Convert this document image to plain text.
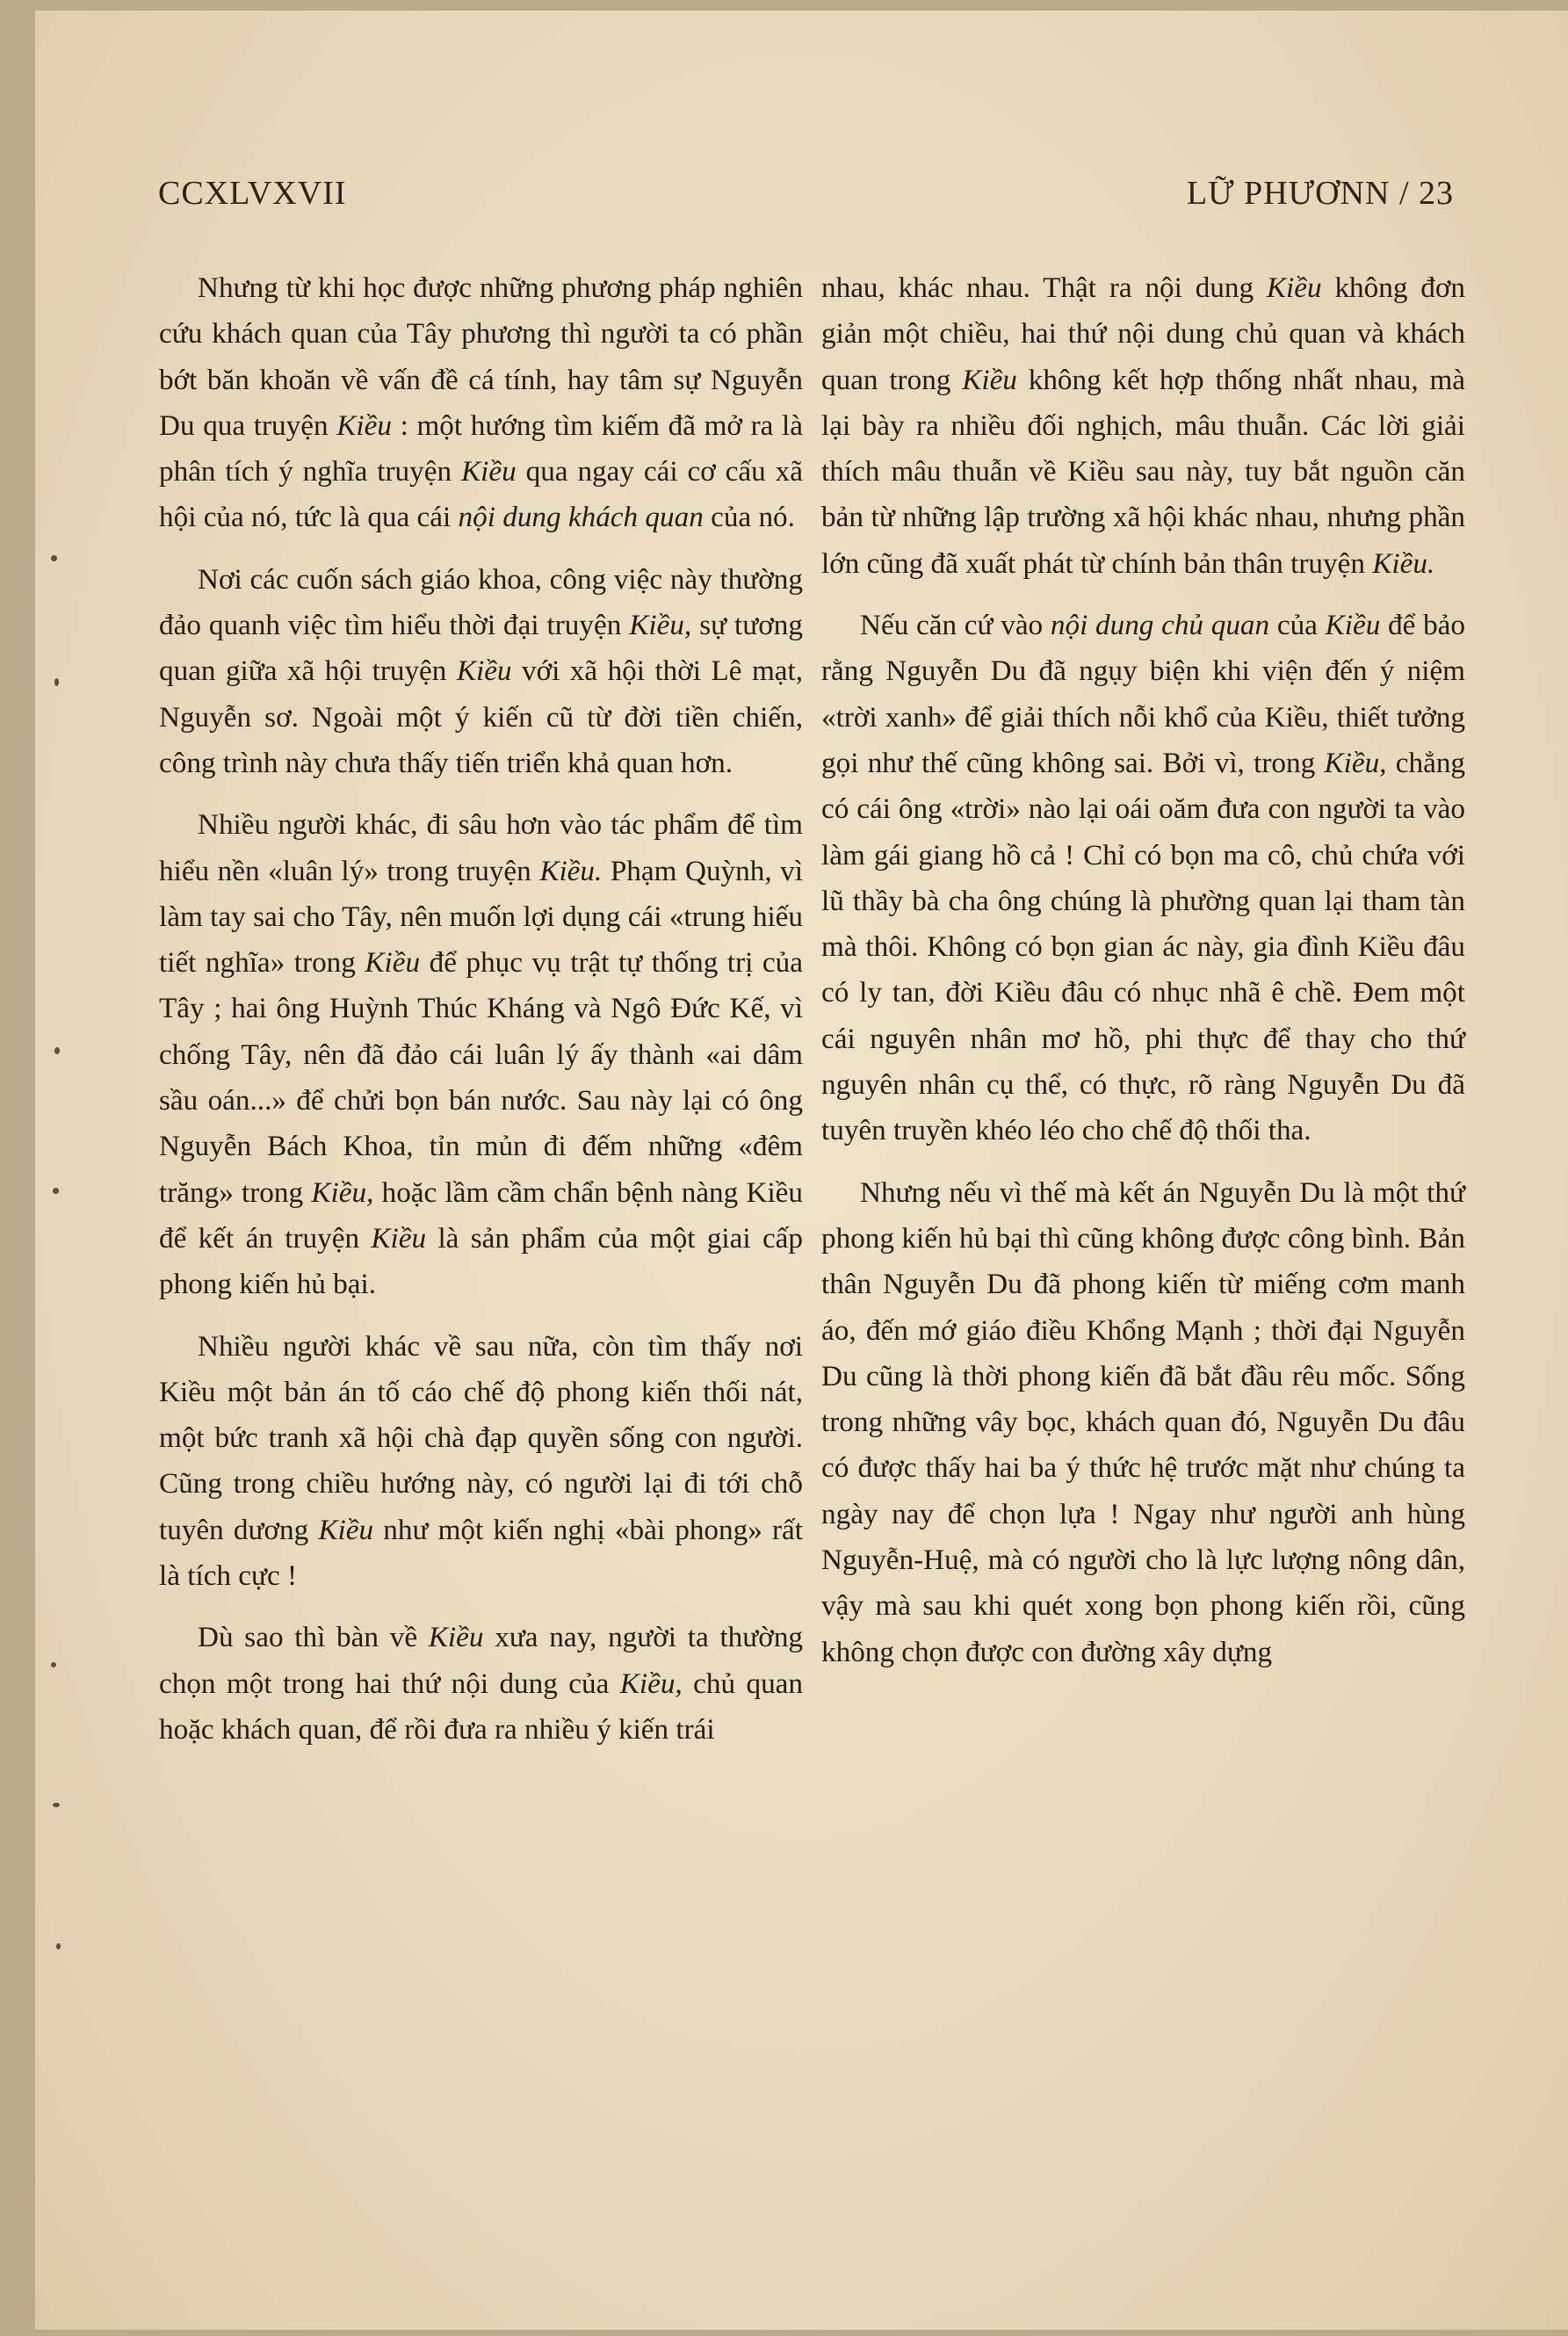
CCXLVXVII	LỮ PHƯƠNN / 23

Nhưng từ khi học được những phương pháp nghiên cứu khách quan của Tây phương thì người ta có phần bớt băn khoăn về vấn đề cá tính, hay tâm sự Nguyễn Du qua truyện Kiều : một hướng tìm kiếm đã mở ra là phân tích ý nghĩa truyện Kiều qua ngay cái cơ cấu xã hội của nó, tức là qua cái nội dung khách quan của nó.

Nơi các cuốn sách giáo khoa, công việc này thường đảo quanh việc tìm hiểu thời đại truyện Kiều, sự tương quan giữa xã hội truyện Kiều với xã hội thời Lê mạt, Nguyễn sơ. Ngoài một ý kiến cũ từ đời tiền chiến, công trình này chưa thấy tiến triển khả quan hơn.

Nhiều người khác, đi sâu hơn vào tác phẩm để tìm hiểu nền «luân lý» trong truyện Kiều. Phạm Quỳnh, vì làm tay sai cho Tây, nên muốn lợi dụng cái «trung hiếu tiết nghĩa» trong Kiều để phục vụ trật tự thống trị của Tây ; hai ông Huỳnh Thúc Kháng và Ngô Đức Kế, vì chống Tây, nên đã đảo cái luân lý ấy thành «ai dâm sầu oán...» để chửi bọn bán nước. Sau này lại có ông Nguyễn Bách Khoa, tỉn mủn đi đếm những «đêm trăng» trong Kiều, hoặc lầm cầm chẩn bệnh nàng Kiều để kết án truyện Kiều là sản phẩm của một giai cấp phong kiến hủ bại.

Nhiều người khác về sau nữa, còn tìm thấy nơi Kiều một bản án tố cáo chế độ phong kiến thối nát, một bức tranh xã hội chà đạp quyền sống con người. Cũng trong chiều hướng này, có người lại đi tới chỗ tuyên dương Kiều như một kiến nghị «bài phong» rất là tích cực !

Dù sao thì bàn về Kiều xưa nay, người ta thường chọn một trong hai thứ nội dung của Kiều, chủ quan hoặc khách quan, để rồi đưa ra nhiều ý kiến trái

nhau, khác nhau. Thật ra nội dung Kiều không đơn giản một chiều, hai thứ nội dung chủ quan và khách quan trong Kiều không kết hợp thống nhất nhau, mà lại bày ra nhiều đối nghịch, mâu thuẫn. Các lời giải thích mâu thuẫn về Kiều sau này, tuy bắt nguồn căn bản từ những lập trường xã hội khác nhau, nhưng phần lớn cũng đã xuất phát từ chính bản thân truyện Kiều.

Nếu căn cứ vào nội dung chủ quan của Kiều để bảo rằng Nguyễn Du đã ngụy biện khi viện đến ý niệm «trời xanh» để giải thích nỗi khổ của Kiều, thiết tưởng gọi như thế cũng không sai. Bởi vì, trong Kiều, chẳng có cái ông «trời» nào lại oái oăm đưa con người ta vào làm gái giang hồ cả ! Chỉ có bọn ma cô, chủ chứa với lũ thầy bà cha ông chúng là phường quan lại tham tàn mà thôi. Không có bọn gian ác này, gia đình Kiều đâu có ly tan, đời Kiều đâu có nhục nhã ê chề. Đem một cái nguyên nhân mơ hồ, phi thực để thay cho thứ nguyên nhân cụ thể, có thực, rõ ràng Nguyễn Du đã tuyên truyền khéo léo cho chế độ thối tha.

Nhưng nếu vì thế mà kết án Nguyễn Du là một thứ phong kiến hủ bại thì cũng không được công bình. Bản thân Nguyễn Du đã phong kiến từ miếng cơm manh áo, đến mớ giáo điều Khổng Mạnh ; thời đại Nguyễn Du cũng là thời phong kiến đã bắt đầu rêu mốc. Sống trong những vây bọc, khách quan đó, Nguyễn Du đâu có được thấy hai ba ý thức hệ trước mặt như chúng ta ngày nay để chọn lựa ! Ngay như người anh hùng Nguyễn-Huệ, mà có người cho là lực lượng nông dân, vậy mà sau khi quét xong bọn phong kiến rồi, cũng không chọn được con đường xây dựng
